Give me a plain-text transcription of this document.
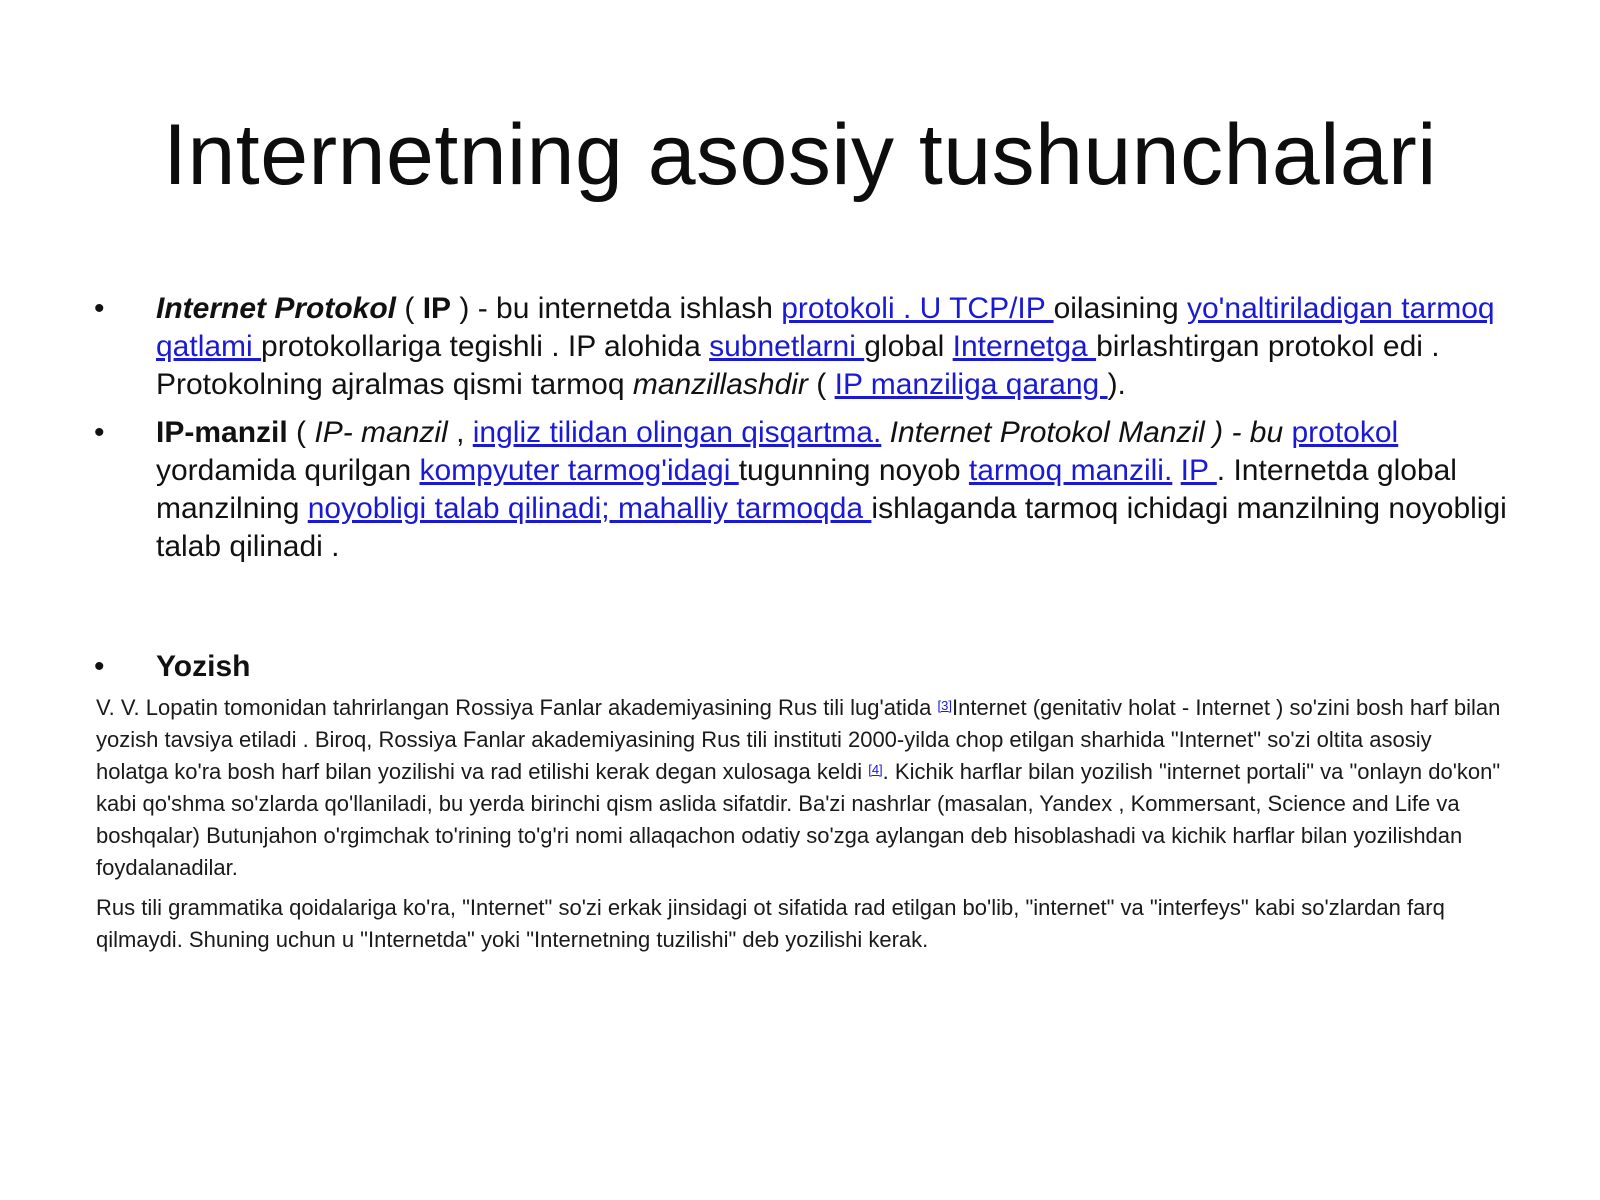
Internetning asosiy tushunchalari
•	Internet Protokol ( IP ) - bu internetda ishlash protokoli . U TCP/IP oilasining yo'naltiriladigan tarmoq qatlami protokollariga tegishli . IP alohida subnetlarni global Internetga birlashtirgan protokol edi . Protokolning ajralmas qismi tarmoq manzillashdir ( IP manziliga qarang ).
•	IP-manzil ( IP- manzil , ingliz tilidan olingan qisqartma. Internet Protokol Manzil ) - bu protokol yordamida qurilgan kompyuter tarmog'idagi tugunning noyob tarmoq manzili. IP . Internetda global manzilning noyobligi talab qilinadi; mahalliy tarmoqda ishlaganda tarmoq ichidagi manzilning noyobligi talab qilinadi .
•	Yozish
V. V. Lopatin tomonidan tahrirlangan Rossiya Fanlar akademiyasining Rus tili lug'atida [3]Internet (genitativ holat - Internet ) so'zini bosh harf bilan yozish tavsiya etiladi . Biroq, Rossiya Fanlar akademiyasining Rus tili instituti 2000-yilda chop etilgan sharhida "Internet" so'zi oltita asosiy holatga ko'ra bosh harf bilan yozilishi va rad etilishi kerak degan xulosaga keldi [4]. Kichik harflar bilan yozilish "internet portali" va "onlayn do'kon" kabi qo'shma so'zlarda qo'llaniladi, bu yerda birinchi qism aslida sifatdir. Ba'zi nashrlar (masalan, Yandex , Kommersant, Science and Life va boshqalar) Butunjahon o'rgimchak to'rining to'g'ri nomi allaqachon odatiy so'zga aylangan deb hisoblashadi va kichik harflar bilan yozilishdan foydalanadilar.
Rus tili grammatika qoidalariga ko'ra, "Internet" so'zi erkak jinsidagi ot sifatida rad etilgan bo'lib, "internet" va "interfeys" kabi so'zlardan farq qilmaydi. Shuning uchun u "Internetda" yoki "Internetning tuzilishi" deb yozilishi kerak.
